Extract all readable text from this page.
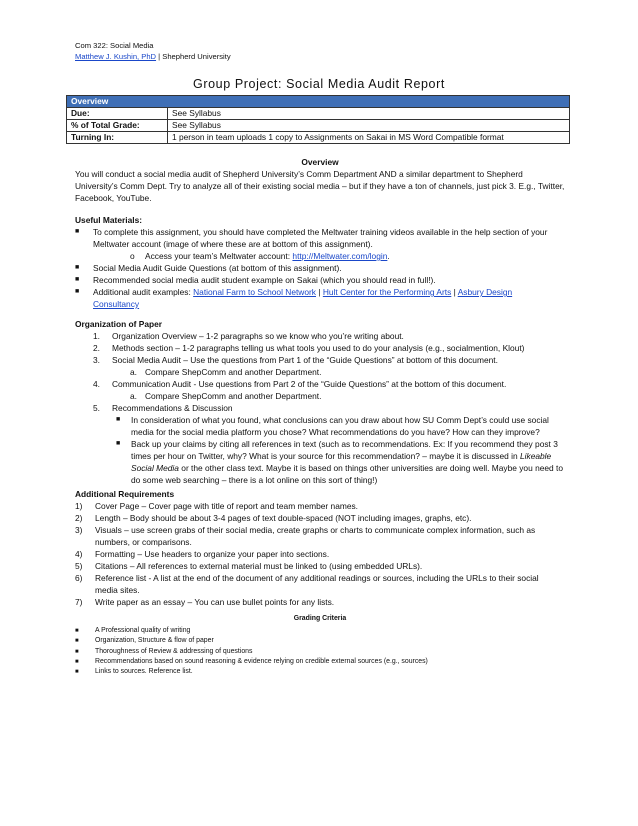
Com 322: Social Media
Matthew J. Kushin, PhD | Shepherd University
Group Project: Social Media Audit Report
Overview	
Due:	See Syllabus
% of Total Grade:	See Syllabus
Turning In:	1 person in team uploads 1 copy to Assignments on Sakai in MS Word Compatible format
Overview
You will conduct a social media audit of Shepherd University’s Comm Department AND a similar department to Shepherd University’s Comm Dept. Try to analyze all of their existing social media – but if they have a ton of channels, just pick 3. E.g., Twitter, Facebook, YouTube.
Useful Materials:
■ To complete this assignment, you should have completed the Meltwater training videos available in the help section of your Meltwater account (image of where these are at bottom of this assignment).
o Access your team’s Meltwater account: http://Meltwater.com/login.
■ Social Media Audit Guide Questions (at bottom of this assignment).
■ Recommended social media audit student example on Sakai (which you should read in full!).
■ Additional audit examples: National Farm to School Network | Hult Center for the Performing Arts | Asbury Design Consultancy
Organization of Paper
1. Organization Overview – 1-2 paragraphs so we know who you’re writing about.
2. Methods section – 1-2 paragraphs telling us what tools you used to do your analysis (e.g., socialmention, Klout)
3. Social Media Audit – Use the questions from Part 1 of the “Guide Questions” at bottom of this document.
a. Compare ShepComm and another Department.
4. Communication Audit - Use questions from Part 2 of the “Guide Questions” at the bottom of this document.
a. Compare ShepComm and another Department.
5. Recommendations & Discussion
■ In consideration of what you found, what conclusions can you draw about how SU Comm Dept’s could use social media for the social media platform you chose? What recommendations do you have? How can they improve?
■ Back up your claims by citing all references in text (such as to recommendations. Ex: If you recommend they post 3 times per hour on Twitter, why? What is your source for this recommendation? – maybe it is discussed in Likeable Social Media or the other class text. Maybe it is based on things other universities are doing well. Maybe you need to do some web searching – there is a lot online on this sort of thing!)
Additional Requirements
1) Cover Page – Cover page with title of report and team member names.
2) Length – Body should be about 3-4 pages of text double-spaced (NOT including images, graphs, etc).
3) Visuals – use screen grabs of their social media, create graphs or charts to communicate complex information, such as numbers, or comparisons.
4) Formatting – Use headers to organize your paper into sections.
5) Citations – All references to external material must be linked to (using embedded URLs).
6) Reference list - A list at the end of the document of any additional readings or sources, including the URLs to their social media sites.
7) Write paper as an essay – You can use bullet points for any lists.
Grading Criteria
■ A Professional quality of writing
■ Organization, Structure & flow of paper
■ Thoroughness of Review & addressing of questions
■ Recommendations based on sound reasoning & evidence relying on credible external sources (e.g., sources)
■ Links to sources. Reference list.
